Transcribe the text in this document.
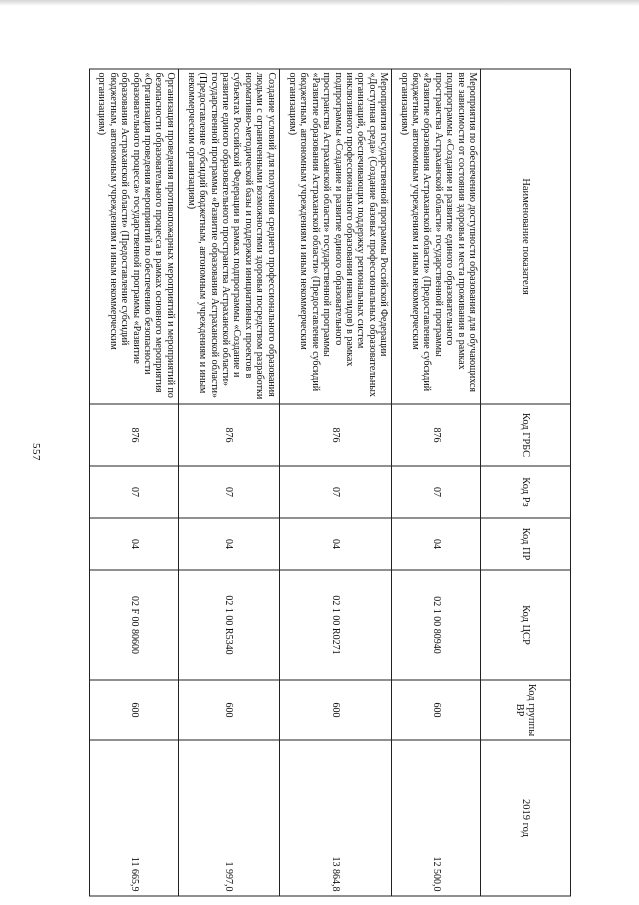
557
Наименование показателя	Код ГРБС	Код Рз	Код ПР	Код ЦСР	Код группы ВР	2019 год
Мероприятия по обеспечению доступности образования для обучающихся вне зависимости от состояния здоровья и места проживания в рамках подпрограммы «Создание и развитие единого образовательного пространства Астраханской области» государственной программы «Развитие образования Астраханской области» (Предоставление субсидий бюджетным, автономным учреждениям и иным некоммерческим организациям)	876	07	04	02 1 00 80940	600	12 500,0
Мероприятия государственной программы Российской Федерации «Доступная среда» (Создание базовых профессиональных образовательных организаций, обеспечивающих поддержку региональных систем инклюзивного профессионального образования инвалидов) в рамках подпрограммы «Создание и развитие единого образовательного пространства Астраханской области» государственной программы «Развитие образования Астраханской области» (Предоставление субсидий бюджетным, автономным учреждениям и иным некоммерческим организациям)	876	07	04	02 1 00 R0271	600	13 864,8
Создание условий для получения среднего профессионального образования людьми с ограниченными возможностями здоровья посредством разработки нормативно-методической базы и поддержки инициативных проектов в субъектах Российской Федерации в рамках подпрограммы «Создание и развитие единого образовательного пространства Астраханской области» государственной программы «Развитие образования Астраханской области» (Предоставление субсидий бюджетным, автономным учреждениям и иным некоммерческим организациям)	876	07	04	02 1 00 R5340	600	1 997,0
Организация проведения противопожарных мероприятий и мероприятий по безопасности образовательного процесса в рамках основного мероприятия «Организация проведения мероприятий по обеспечению безопасности образовательного процесса» государственной программы «Развитие образования Астраханской области» (Предоставление субсидий бюджетным, автономным учреждениям и иным некоммерческим организациям)	876	07	04	02 F 00 80600	600	11 665,9
